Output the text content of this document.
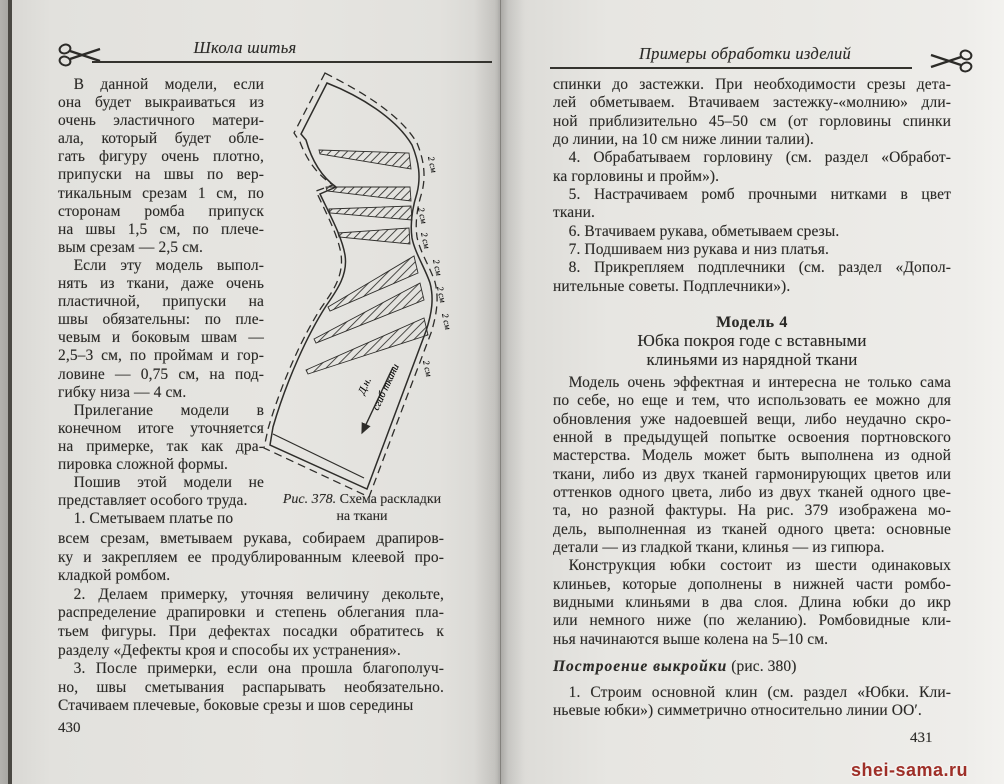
Школа шитья	Примеры обработки изделий
 В данной модели, если
она будет выкраиваться из
очень эластичного матери-
ала, который будет обле-
гать фигуру очень плотно,
припуски на швы по вер-
тикальным срезам 1 см, по
сторонам ромба припуск
на швы 1,5 см, по плече-
вым срезам — 2,5 см.
 Если эту модель выпол-
нять из ткани, даже очень
пластичной, припуски на
швы обязательны: по пле-
чевым и боковым швам —
2,5–3 см, по проймам и гор-
ловине — 0,75 см, на под-
гибку низа — 4 см.
 Прилегание модели в
конечном итоге уточняется
на примерке, так как дра-
пировка сложной формы.
 Пошив этой модели не
представляет особого труда.
 1. Сметываем платье по
2 см
2 см
2 см
2 см
2 см
2 см
2 см
Д.н.
сгиб ткани
Рис. 378. Схема раскладки
на ткани
всем срезам, вметываем рукава, собираем драпиров-
ку и закрепляем ее продублированным клеевой про-
кладкой ромбом.
 2. Делаем примерку, уточняя величину декольте,
распределение драпировки и степень облегания пла-
тьем фигуры. При дефектах посадки обратитесь к
разделу «Дефекты кроя и способы их устранения».
 3. После примерки, если она прошла благополуч-
но, швы сметывания распарывать необязательно.
Стачиваем плечевые, боковые срезы и шов середины
430
спинки до застежки. При необходимости срезы дета-
лей обметываем. Втачиваем застежку-«молнию» дли-
ной приблизительно 45–50 см (от горловины спинки
до линии, на 10 см ниже линии талии).
 4. Обрабатываем горловину (см. раздел «Обработ-
ка горловины и пройм»).
 5. Настрачиваем ромб прочными нитками в цвет
ткани.
 6. Втачиваем рукава, обметываем срезы.
 7. Подшиваем низ рукава и низ платья.
 8. Прикрепляем подплечники (см. раздел «Допол-
нительные советы. Подплечники»).
Модель 4
Юбка покроя годе с вставными
клиньями из нарядной ткани
 Модель очень эффектная и интересна не только сама
по себе, но еще и тем, что использовать ее можно для
обновления уже надоевшей вещи, либо неудачно скро-
енной в предыдущей попытке освоения портновского
мастерства. Модель может быть выполнена из одной
ткани, либо из двух тканей гармонирующих цветов или
оттенков одного цвета, либо из двух тканей одного цве-
та, но разной фактуры. На рис. 379 изображена мо-
дель, выполненная из тканей одного цвета: основные
детали — из гладкой ткани, клинья — из гипюра.
 Конструкция юбки состоит из шести одинаковых
клиньев, которые дополнены в нижней части ромбо-
видными клиньями в два слоя. Длина юбки до икр
или немного ниже (по желанию). Ромбовидные кли-
нья начинаются выше колена на 5–10 см.
Построение выкройки (рис. 380)
 1. Строим основной клин (см. раздел «Юбки. Кли-
ньевые юбки») симметрично относительно линии ОО′.
431
shei-sama.ru
